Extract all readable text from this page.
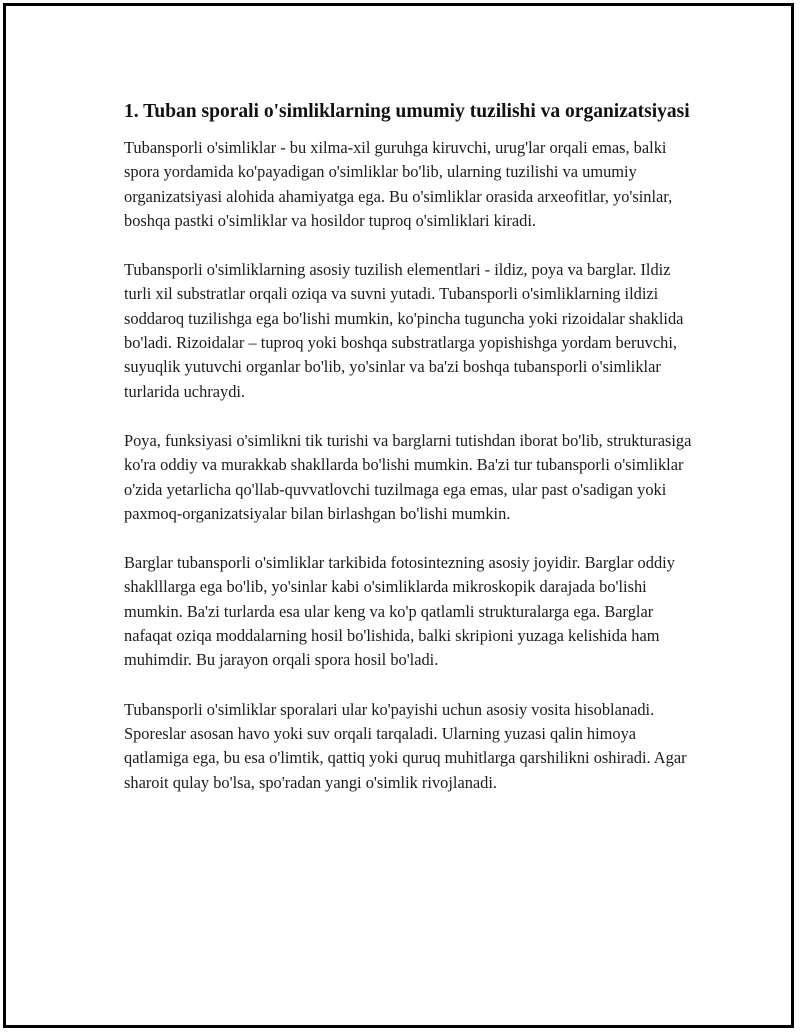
1. Tuban sporali o'simliklarning umumiy tuzilishi va organizatsiyasi

Tubansporli o'simliklar - bu xilma-xil guruhga kiruvchi, urug'lar orqali emas, balki spora yordamida ko'payadigan o'simliklar bo'lib, ularning tuzilishi va umumiy organizatsiyasi alohida ahamiyatga ega. Bu o'simliklar orasida arxeofitlar, yo'sinlar, boshqa pastki o'simliklar va hosildor tuproq o'simliklari kiradi.

Tubansporli o'simliklarning asosiy tuzilish elementlari - ildiz, poya va barglar. Ildiz turli xil substratlar orqali oziqa va suvni yutadi. Tubansporli o'simliklarning ildizi soddaroq tuzilishga ega bo'lishi mumkin, ko'pincha tuguncha yoki rizoidalar shaklida bo'ladi. Rizoidalar – tuproq yoki boshqa substratlarga yopishishga yordam beruvchi, suyuqlik yutuvchi organlar bo'lib, yo'sinlar va ba'zi boshqa tubansporli o'simliklar turlarida uchraydi.

Poya, funksiyasi o'simlikni tik turishi va barglarni tutishdan iborat bo'lib, strukturasiga ko'ra oddiy va murakkab shakllarda bo'lishi mumkin. Ba'zi tur tubansporli o'simliklar o'zida yetarlicha qo'llab-quvvatlovchi tuzilmaga ega emas, ular past o'sadigan yoki paxmoq-organizatsiyalar bilan birlashgan bo'lishi mumkin.

Barglar tubansporli o'simliklar tarkibida fotosintezning asosiy joyidir. Barglar oddiy shaklllarga ega bo'lib, yo'sinlar kabi o'simliklarda mikroskopik darajada bo'lishi mumkin. Ba'zi turlarda esa ular keng va ko'p qatlamli strukturalarga ega. Barglar nafaqat oziqa moddalarning hosil bo'lishida, balki skripioni yuzaga kelishida ham muhimdir. Bu jarayon orqali spora hosil bo'ladi.

Tubansporli o'simliklar sporalari ular ko'payishi uchun asosiy vosita hisoblanadi. Sporeslar asosan havo yoki suv orqali tarqaladi. Ularning yuzasi qalin himoya qatlamiga ega, bu esa o'limtik, qattiq yoki quruq muhitlarga qarshilikni oshiradi. Agar sharoit qulay bo'lsa, spo'radan yangi o'simlik rivojlanadi.
